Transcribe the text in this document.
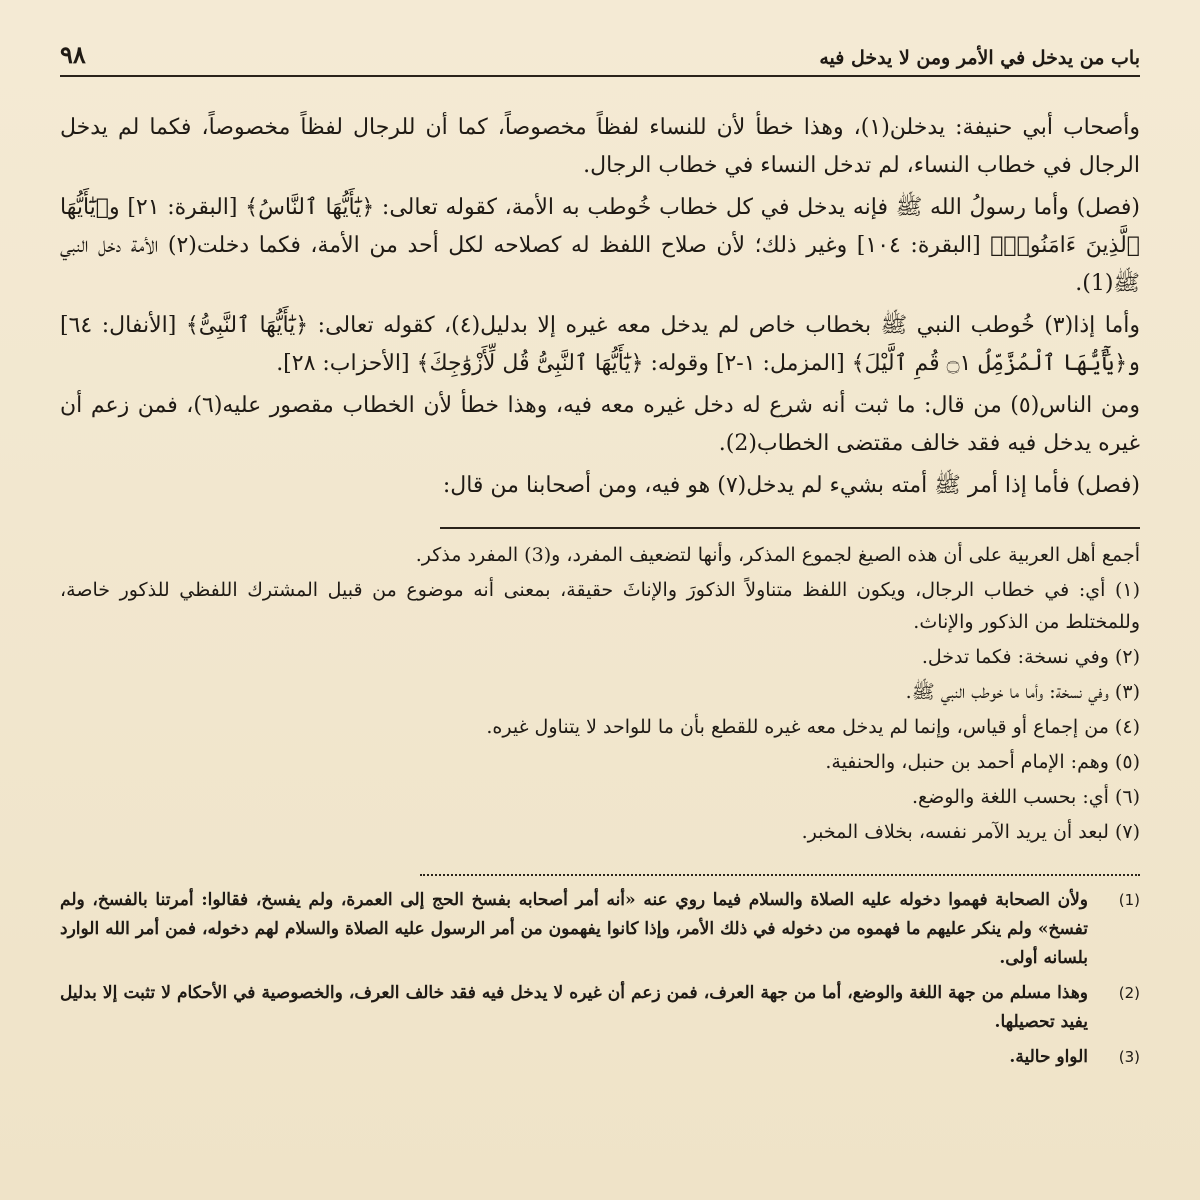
باب من يدخل في الأمر ومن لا يدخل فيه
٩٨

وأصحاب أبي حنيفة: يدخلن(١)، وهذا خطأ لأن للنساء لفظاً مخصوصاً، كما أن للرجال لفظاً مخصوصاً، فكما لم يدخل الرجال في خطاب النساء، لم تدخل النساء في خطاب الرجال.

(فصل) وأما رسولُ الله ﷺ فإنه يدخل في كل خطاب خُوطب به الأمة، كقوله تعالى: ﴿يَٰٓأَيُّهَا ٱلنَّاسُ﴾ [البقرة: ٢١] و﴿يَٰٓأَيُّهَا ٱلَّذِينَ ءَامَنُوا۟﴾ [البقرة: ١٠٤] وغير ذلك؛ لأن صلاح اللفظ له كصلاحه لكل أحد من الأمة، فكما دخلت(٢) الأمة دخل النبي ﷺ(1).

وأما إذا(٣) خُوطب النبي ﷺ بخطاب خاص لم يدخل معه غيره إلا بدليل(٤)، كقوله تعالى: ﴿يَٰٓأَيُّهَا ٱلنَّبِىُّ﴾ [الأنفال: ٦٤] و﴿يَٰٓأَيُّهَا ٱلْمُزَّمِّلُ ۝١ قُمِ ٱلَّيْلَ﴾ [المزمل: ١-٢] وقوله: ﴿يَٰٓأَيُّهَا ٱلنَّبِىُّ قُل لِّأَزْوَٰجِكَ﴾ [الأحزاب: ٢٨].

ومن الناس(٥) من قال: ما ثبت أنه شرع له دخل غيره معه فيه، وهذا خطأ لأن الخطاب مقصور عليه(٦)، فمن زعم أن غيره يدخل فيه فقد خالف مقتضى الخطاب(2).

(فصل) فأما إذا أمر ﷺ أمته بشيء لم يدخل(٧) هو فيه، ومن أصحابنا من قال:

أجمع أهل العربية على أن هذه الصيغ لجموع المذكر، وأنها لتضعيف المفرد، و(3) المفرد مذكر.

(١) أي: في خطاب الرجال، ويكون اللفظ متناولاً الذكورَ والإناثَ حقيقة، بمعنى أنه موضوع من قبيل المشترك اللفظي للذكور خاصة، وللمختلط من الذكور والإناث.

(٢) وفي نسخة: فكما تدخل.

(٣) وفي نسخة: وأما ما خوطب النبي ﷺ.

(٤) من إجماع أو قياس، وإنما لم يدخل معه غيره للقطع بأن ما للواحد لا يتناول غيره.

(٥) وهم: الإمام أحمد بن حنبل، والحنفية.

(٦) أي: بحسب اللغة والوضع.

(٧) لبعد أن يريد الآمر نفسه، بخلاف المخبر.

(1)
ولأن الصحابة فهموا دخوله عليه الصلاة والسلام فيما روي عنه «أنه أمر أصحابه بفسخ الحج إلى العمرة، ولم يفسخ، فقالوا: أمرتنا بالفسخ، ولم تفسخ» ولم ينكر عليهم ما فهموه من دخوله في ذلك الأمر، وإذا كانوا يفهمون من أمر الرسول عليه الصلاة والسلام لهم دخوله، فمن أمر الله الوارد بلسانه أولى.
(2)
وهذا مسلم من جهة اللغة والوضع، أما من جهة العرف، فمن زعم أن غيره لا يدخل فيه فقد خالف العرف، والخصوصية في الأحكام لا تثبت إلا بدليل يفيد تحصيلها.
(3)
الواو حالية.
